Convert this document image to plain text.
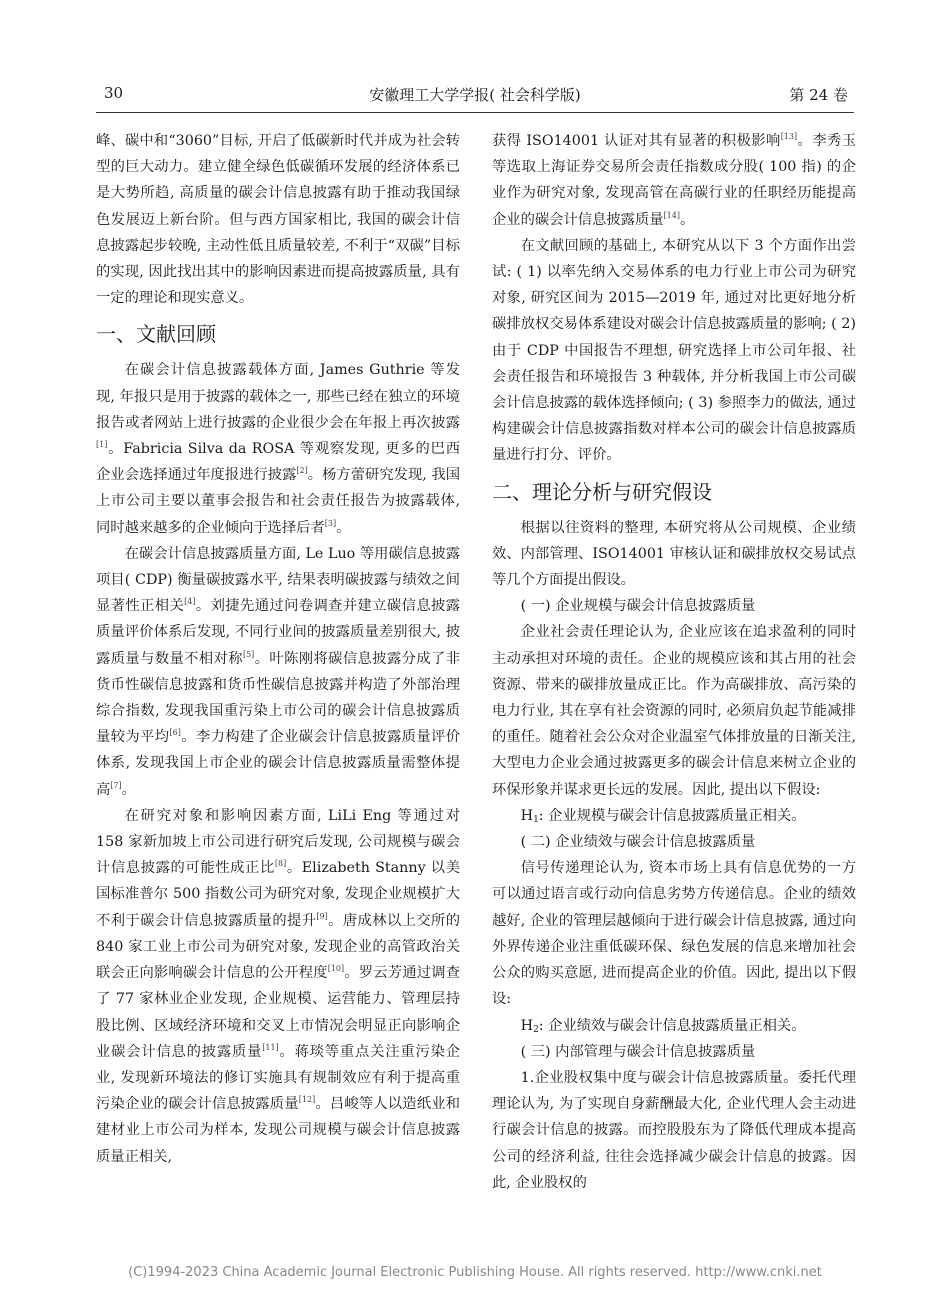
30	安徽理工大学学报( 社会科学版)	第 24 卷

峰、碳中和“3060”目标, 开启了低碳新时代并成为社会转型的巨大动力。建立健全绿色低碳循环发展的经济体系已是大势所趋, 高质量的碳会计信息披露有助于推动我国绿色发展迈上新台阶。但与西方国家相比, 我国的碳会计信息披露起步较晚, 主动性低且质量较差, 不利于“双碳”目标的实现, 因此找出其中的影响因素进而提高披露质量, 具有一定的理论和现实意义。

一、文献回顾

在碳会计信息披露载体方面, James Guthrie 等发现, 年报只是用于披露的载体之一, 那些已经在独立的环境报告或者网站上进行披露的企业很少会在年报上再次披露[1]。Fabricia Silva da ROSA 等观察发现, 更多的巴西企业会选择通过年度报进行披露[2]。杨方蕾研究发现, 我国上市公司主要以董事会报告和社会责任报告为披露载体, 同时越来越多的企业倾向于选择后者[3]。

在碳会计信息披露质量方面, Le Luo 等用碳信息披露项目( CDP) 衡量碳披露水平, 结果表明碳披露与绩效之间显著性正相关[4]。刘捷先通过问卷调查并建立碳信息披露质量评价体系后发现, 不同行业间的披露质量差别很大, 披露质量与数量不相对称[5]。叶陈刚将碳信息披露分成了非货币性碳信息披露和货币性碳信息披露并构造了外部治理综合指数, 发现我国重污染上市公司的碳会计信息披露质量较为平均[6]。李力构建了企业碳会计信息披露质量评价体系, 发现我国上市企业的碳会计信息披露质量需整体提高[7]。

在研究对象和影响因素方面, LiLi Eng 等通过对 158 家新加坡上市公司进行研究后发现, 公司规模与碳会计信息披露的可能性成正比[8]。Elizabeth Stanny 以美国标准普尔 500 指数公司为研究对象, 发现企业规模扩大不利于碳会计信息披露质量的提升[9]。唐成林以上交所的 840 家工业上市公司为研究对象, 发现企业的高管政治关联会正向影响碳会计信息的公开程度[10]。罗云芳通过调查了 77 家林业企业发现, 企业规模、运营能力、管理层持股比例、区域经济环境和交叉上市情况会明显正向影响企业碳会计信息的披露质量[11]。蒋琰等重点关注重污染企业, 发现新环境法的修订实施具有规制效应有利于提高重污染企业的碳会计信息披露质量[12]。吕峻等人以造纸业和建材业上市公司为样本, 发现公司规模与碳会计信息披露质量正相关,

获得 ISO14001 认证对其有显著的积极影响[13]。李秀玉等选取上海证券交易所会责任指数成分股( 100 指) 的企业作为研究对象, 发现高管在高碳行业的任职经历能提高企业的碳会计信息披露质量[14]。

在文献回顾的基础上, 本研究从以下 3 个方面作出尝试: ( 1) 以率先纳入交易体系的电力行业上市公司为研究对象, 研究区间为 2015—2019 年, 通过对比更好地分析碳排放权交易体系建设对碳会计信息披露质量的影响; ( 2) 由于 CDP 中国报告不理想, 研究选择上市公司年报、社会责任报告和环境报告 3 种载体, 并分析我国上市公司碳会计信息披露的载体选择倾向; ( 3) 参照李力的做法, 通过构建碳会计信息披露指数对样本公司的碳会计信息披露质量进行打分、评价。

二、理论分析与研究假设

根据以往资料的整理, 本研究将从公司规模、企业绩效、内部管理、ISO14001 审核认证和碳排放权交易试点等几个方面提出假设。

( 一) 企业规模与碳会计信息披露质量

企业社会责任理论认为, 企业应该在追求盈利的同时主动承担对环境的责任。企业的规模应该和其占用的社会资源、带来的碳排放量成正比。作为高碳排放、高污染的电力行业, 其在享有社会资源的同时, 必须肩负起节能减排的重任。随着社会公众对企业温室气体排放量的日渐关注, 大型电力企业会通过披露更多的碳会计信息来树立企业的环保形象并谋求更长远的发展。因此, 提出以下假设:

$H_1$: 企业规模与碳会计信息披露质量正相关。

( 二) 企业绩效与碳会计信息披露质量

信号传递理论认为, 资本市场上具有信息优势的一方可以通过语言或行动向信息劣势方传递信息。企业的绩效越好, 企业的管理层越倾向于进行碳会计信息披露, 通过向外界传递企业注重低碳环保、绿色发展的信息来增加社会公众的购买意愿, 进而提高企业的价值。因此, 提出以下假设:

$H_2$: 企业绩效与碳会计信息披露质量正相关。

( 三) 内部管理与碳会计信息披露质量

1.企业股权集中度与碳会计信息披露质量。委托代理理论认为, 为了实现自身薪酬最大化, 企业代理人会主动进行碳会计信息的披露。而控股股东为了降低代理成本提高公司的经济利益, 往往会选择减少碳会计信息的披露。因此, 企业股权的

(C)1994-2023 China Academic Journal Electronic Publishing House. All rights reserved. http://www.cnki.net
